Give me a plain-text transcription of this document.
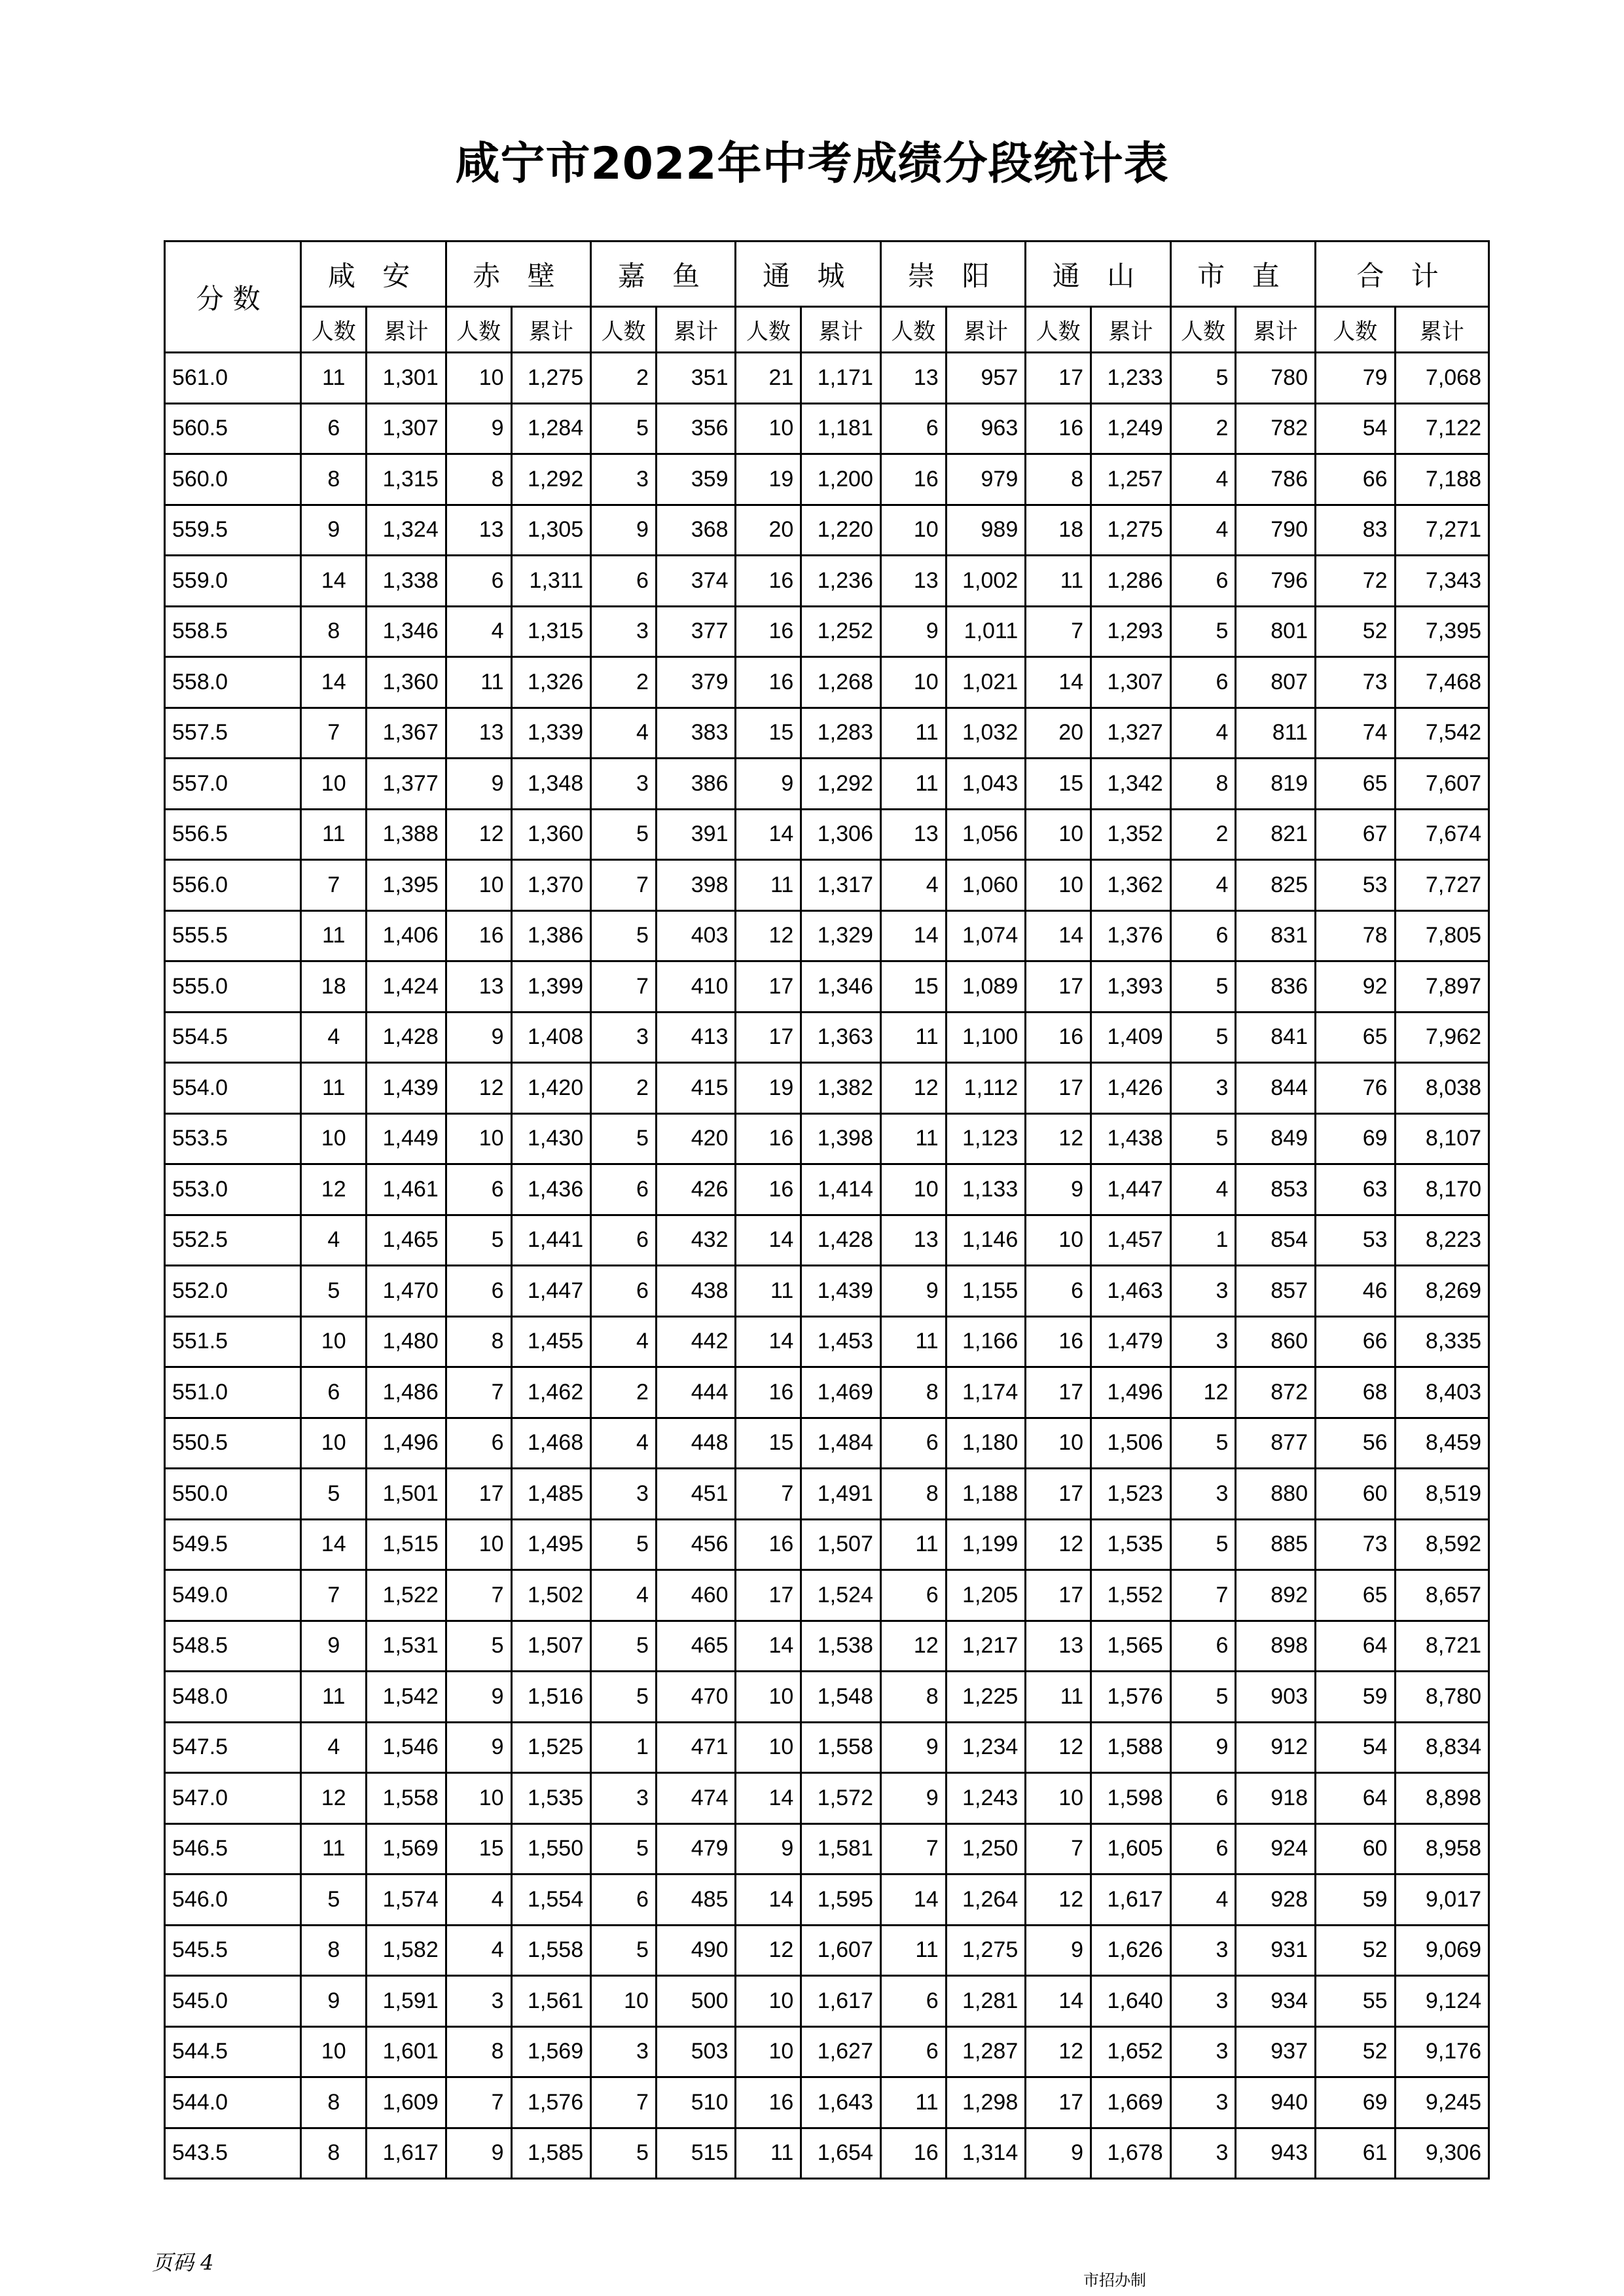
咸宁市2022年中考成绩分段统计表
分数	咸 安		赤 壁		嘉 鱼		通 城		崇 阳		通 山		市 直		合 计	
	人数	累计	人数	累计	人数	累计	人数	累计	人数	累计	人数	累计	人数	累计	人数	累计
561.0	11	1,301	10	1,275	2	351	21	1,171	13	957	17	1,233	5	780	79	7,068
560.5	6	1,307	9	1,284	5	356	10	1,181	6	963	16	1,249	2	782	54	7,122
560.0	8	1,315	8	1,292	3	359	19	1,200	16	979	8	1,257	4	786	66	7,188
559.5	9	1,324	13	1,305	9	368	20	1,220	10	989	18	1,275	4	790	83	7,271
559.0	14	1,338	6	1,311	6	374	16	1,236	13	1,002	11	1,286	6	796	72	7,343
558.5	8	1,346	4	1,315	3	377	16	1,252	9	1,011	7	1,293	5	801	52	7,395
558.0	14	1,360	11	1,326	2	379	16	1,268	10	1,021	14	1,307	6	807	73	7,468
557.5	7	1,367	13	1,339	4	383	15	1,283	11	1,032	20	1,327	4	811	74	7,542
557.0	10	1,377	9	1,348	3	386	9	1,292	11	1,043	15	1,342	8	819	65	7,607
556.5	11	1,388	12	1,360	5	391	14	1,306	13	1,056	10	1,352	2	821	67	7,674
556.0	7	1,395	10	1,370	7	398	11	1,317	4	1,060	10	1,362	4	825	53	7,727
555.5	11	1,406	16	1,386	5	403	12	1,329	14	1,074	14	1,376	6	831	78	7,805
555.0	18	1,424	13	1,399	7	410	17	1,346	15	1,089	17	1,393	5	836	92	7,897
554.5	4	1,428	9	1,408	3	413	17	1,363	11	1,100	16	1,409	5	841	65	7,962
554.0	11	1,439	12	1,420	2	415	19	1,382	12	1,112	17	1,426	3	844	76	8,038
553.5	10	1,449	10	1,430	5	420	16	1,398	11	1,123	12	1,438	5	849	69	8,107
553.0	12	1,461	6	1,436	6	426	16	1,414	10	1,133	9	1,447	4	853	63	8,170
552.5	4	1,465	5	1,441	6	432	14	1,428	13	1,146	10	1,457	1	854	53	8,223
552.0	5	1,470	6	1,447	6	438	11	1,439	9	1,155	6	1,463	3	857	46	8,269
551.5	10	1,480	8	1,455	4	442	14	1,453	11	1,166	16	1,479	3	860	66	8,335
551.0	6	1,486	7	1,462	2	444	16	1,469	8	1,174	17	1,496	12	872	68	8,403
550.5	10	1,496	6	1,468	4	448	15	1,484	6	1,180	10	1,506	5	877	56	8,459
550.0	5	1,501	17	1,485	3	451	7	1,491	8	1,188	17	1,523	3	880	60	8,519
549.5	14	1,515	10	1,495	5	456	16	1,507	11	1,199	12	1,535	5	885	73	8,592
549.0	7	1,522	7	1,502	4	460	17	1,524	6	1,205	17	1,552	7	892	65	8,657
548.5	9	1,531	5	1,507	5	465	14	1,538	12	1,217	13	1,565	6	898	64	8,721
548.0	11	1,542	9	1,516	5	470	10	1,548	8	1,225	11	1,576	5	903	59	8,780
547.5	4	1,546	9	1,525	1	471	10	1,558	9	1,234	12	1,588	9	912	54	8,834
547.0	12	1,558	10	1,535	3	474	14	1,572	9	1,243	10	1,598	6	918	64	8,898
546.5	11	1,569	15	1,550	5	479	9	1,581	7	1,250	7	1,605	6	924	60	8,958
546.0	5	1,574	4	1,554	6	485	14	1,595	14	1,264	12	1,617	4	928	59	9,017
545.5	8	1,582	4	1,558	5	490	12	1,607	11	1,275	9	1,626	3	931	52	9,069
545.0	9	1,591	3	1,561	10	500	10	1,617	6	1,281	14	1,640	3	934	55	9,124
544.5	10	1,601	8	1,569	3	503	10	1,627	6	1,287	12	1,652	3	937	52	9,176
544.0	8	1,609	7	1,576	7	510	16	1,643	11	1,298	17	1,669	3	940	69	9,245
543.5	8	1,617	9	1,585	5	515	11	1,654	16	1,314	9	1,678	3	943	61	9,306
页码 4
市招办制
